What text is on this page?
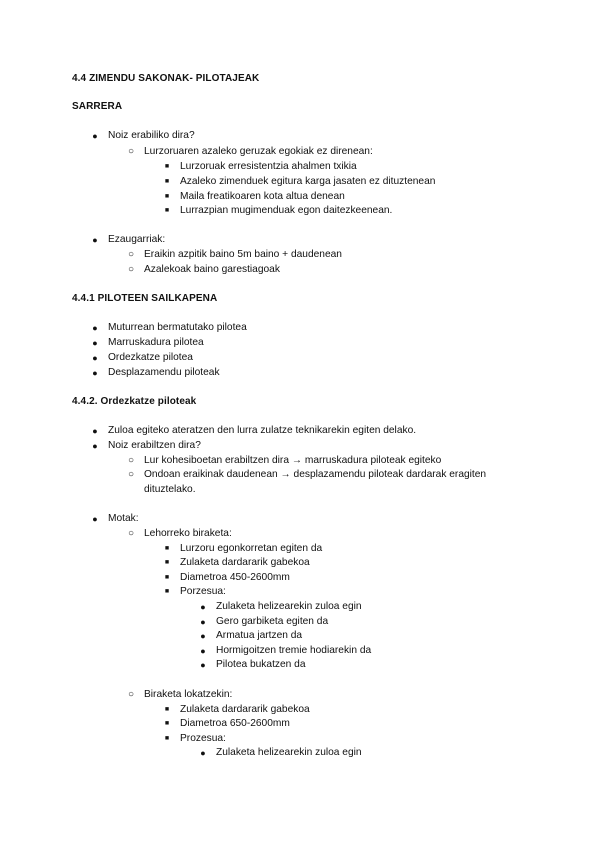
4.4 ZIMENDU SAKONAK- PILOTAJEAK
SARRERA
●	Noiz erabiliko dira?
○ Lurzoruaren azaleko geruzak egokiak ez direnean:
■	Lurzoruak erresistentzia ahalmen txikia
■	Azaleko zimenduek egitura karga jasaten ez dituztenean
■	Maila freatikoaren kota altua denean
■	Lurrazpian mugimenduak egon daitezkeenean.
●	Ezaugarriak:
○ Eraikin azpitik baino 5m baino + daudenean
○ Azalekoak baino garestiagoak
4.4.1 PILOTEEN SAILKAPENA
●	Muturrean bermatutako pilotea
●	Marruskadura pilotea
●	Ordezkatze pilotea
●	Desplazamendu piloteak
4.4.2. Ordezkatze piloteak
●	Zuloa egiteko ateratzen den lurra zulatze teknikarekin egiten delako.
●	Noiz erabiltzen dira?
○ Lur kohesiboetan erabiltzen dira → marruskadura piloteak egiteko
○ Ondoan eraikinak daudenean → desplazamendu piloteak dardarak eragiten
dituztelako.
●	Motak:
○ Lehorreko biraketa:
■	Lurzoru egonkorretan egiten da
■	Zulaketa dardararik gabekoa
■	Diametroa 450-2600mm
■	Porzesua:
●	Zulaketa helizearekin zuloa egin
●	Gero garbiketa egiten da
●	Armatua jartzen da
●	Hormigoitzen tremie hodiarekin da
●	Pilotea bukatzen da
○ Biraketa lokatzekin:
■	Zulaketa dardararik gabekoa
■	Diametroa 650-2600mm
■	Prozesua:
●	Zulaketa helizearekin zuloa egin
